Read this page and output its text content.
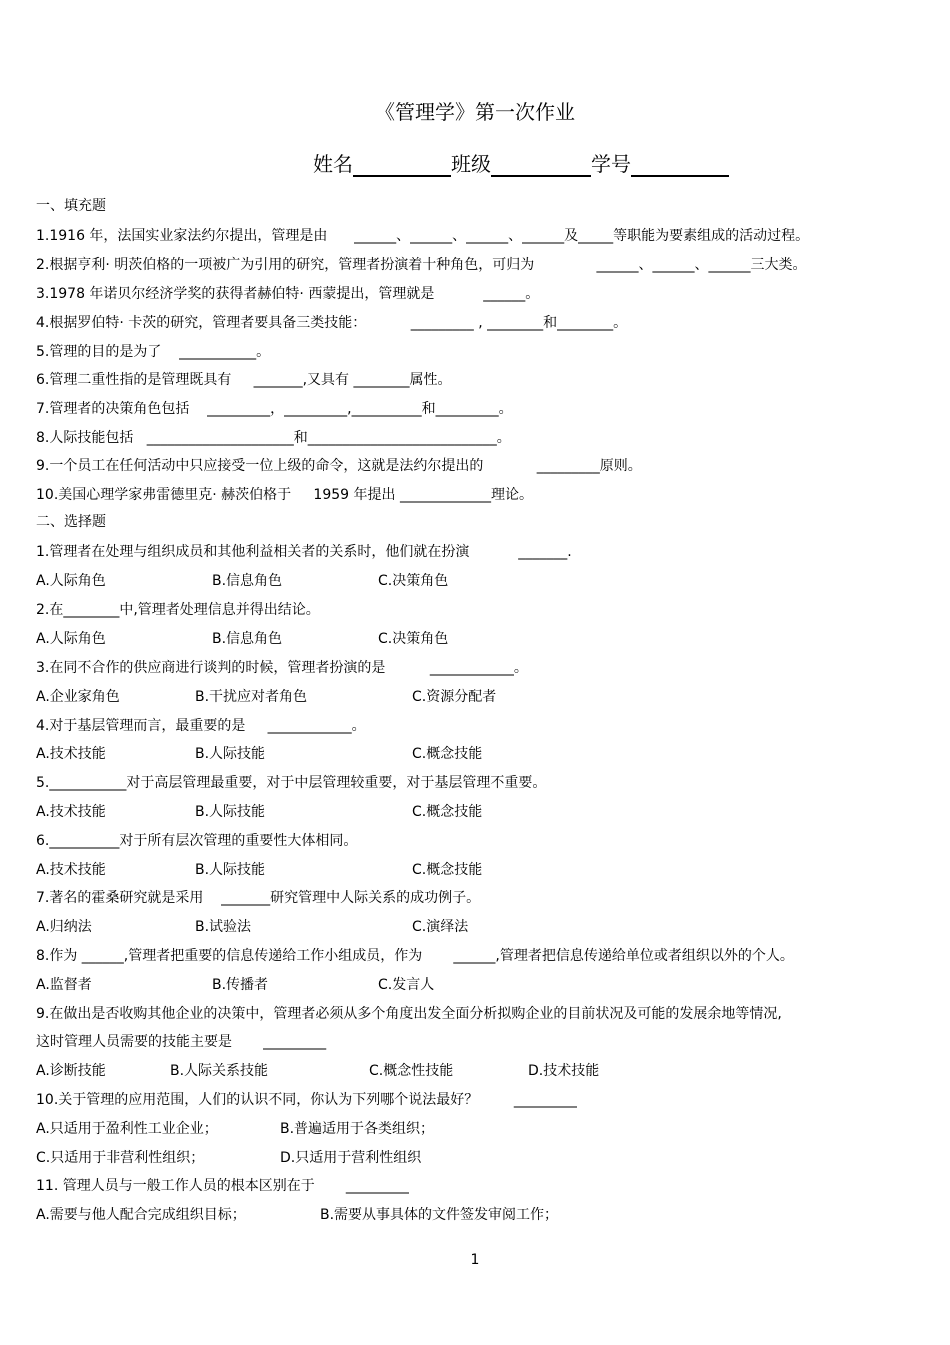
《管理学》第一次作业
姓名	班级	学号
一、填充题
1.1916 年，法国实业家法约尔提出，管理是由      ______、______、______、______及_____等职能为要素组成的活动过程。
2.根据亨利· 明茨伯格的一项被广为引用的研究，管理者扮演着十种角色，可归为              ______、______、______三大类。
3.1978 年诺贝尔经济学奖的获得者赫伯特· 西蒙提出，管理就是           ______。
4.根据罗伯特· 卡茨的研究，管理者要具备三类技能：          _________ , ________和________。
5.管理的目的是为了    ___________。
6.管理二重性指的是管理既具有     _______,又具有 ________属性。
7.管理者的决策角色包括    _________，_________,__________和_________。
8.人际技能包括   _____________________和___________________________。
9.一个员工在任何活动中只应接受一位上级的命令，这就是法约尔提出的            _________原则。
10.美国心理学家弗雷德里克· 赫茨伯格于     1959 年提出 _____________理论。
二、选择题
1.管理者在处理与组织成员和其他利益相关者的关系时，他们就在扮演           _______.
A.人际角色	B.信息角色	C.决策角色
2.在________中,管理者处理信息并得出结论。
A.人际角色	B.信息角色	C.决策角色
3.在同不合作的供应商进行谈判的时候，管理者扮演的是          ____________。
A.企业家角色	B.干扰应对者角色	C.资源分配者
4.对于基层管理而言，最重要的是     ____________。
A.技术技能	B.人际技能	C.概念技能
5.___________对于高层管理最重要，对于中层管理较重要，对于基层管理不重要。
A.技术技能	B.人际技能	C.概念技能
6.__________对于所有层次管理的重要性大体相同。
A.技术技能	B.人际技能	C.概念技能
7.著名的霍桑研究就是采用    _______研究管理中人际关系的成功例子。
A.归纳法	B.试验法	C.演绎法
8.作为 ______,管理者把重要的信息传递给工作小组成员，作为       ______,管理者把信息传递给单位或者组织以外的个人。
A.监督者	B.传播者	C.发言人
9.在做出是否收购其他企业的决策中，管理者必须从多个角度出发全面分析拟购企业的目前状况及可能的发展余地等情况,
这时管理人员需要的技能主要是       _________
A.诊断技能	B.人际关系技能	C.概念性技能	D.技术技能
10.关于管理的应用范围，人们的认识不同，你认为下列哪个说法最好？        _________
A.只适用于盈利性工业企业；	B.普遍适用于各类组织；
C.只适用于非营利性组织；	D.只适用于营利性组织
11. 管理人员与一般工作人员的根本区别在于       _________
A.需要与他人配合完成组织目标；	B.需要从事具体的文件签发审阅工作；
1
